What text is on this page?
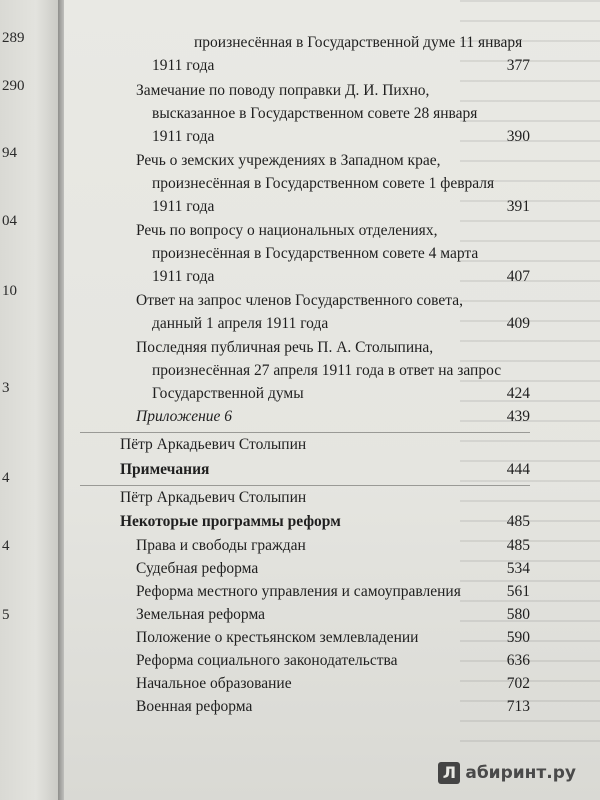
289
290
94
04
10
3
4
4
5
произнесённая в Государственной думе 11 января
1911 года	377
Замечание по поводу поправки Д. И. Пихно,
высказанное в Государственном совете 28 января
1911 года	390
Речь о земских учреждениях в Западном крае,
произнесённая в Государственном совете 1 февраля
1911 года	391
Речь по вопросу о национальных отделениях,
произнесённая в Государственном совете 4 марта
1911 года	407
Ответ на запрос членов Государственного совета,
данный 1 апреля 1911 года	409
Последняя публичная речь П. А. Столыпина,
произнесённая 27 апреля 1911 года в ответ на запрос
Государственной думы	424
Приложение 6	439
Пётр Аркадьевич Столыпин
Примечания	444
Пётр Аркадьевич Столыпин
Некоторые программы реформ	485
Права и свободы граждан	485
Судебная реформа	534
Реформа местного управления и самоуправления	561
Земельная реформа	580
Положение о крестьянском землевладении	590
Реформа социального законодательства	636
Начальное образование	702
Военная реформа	713
Л абиринт.ру
